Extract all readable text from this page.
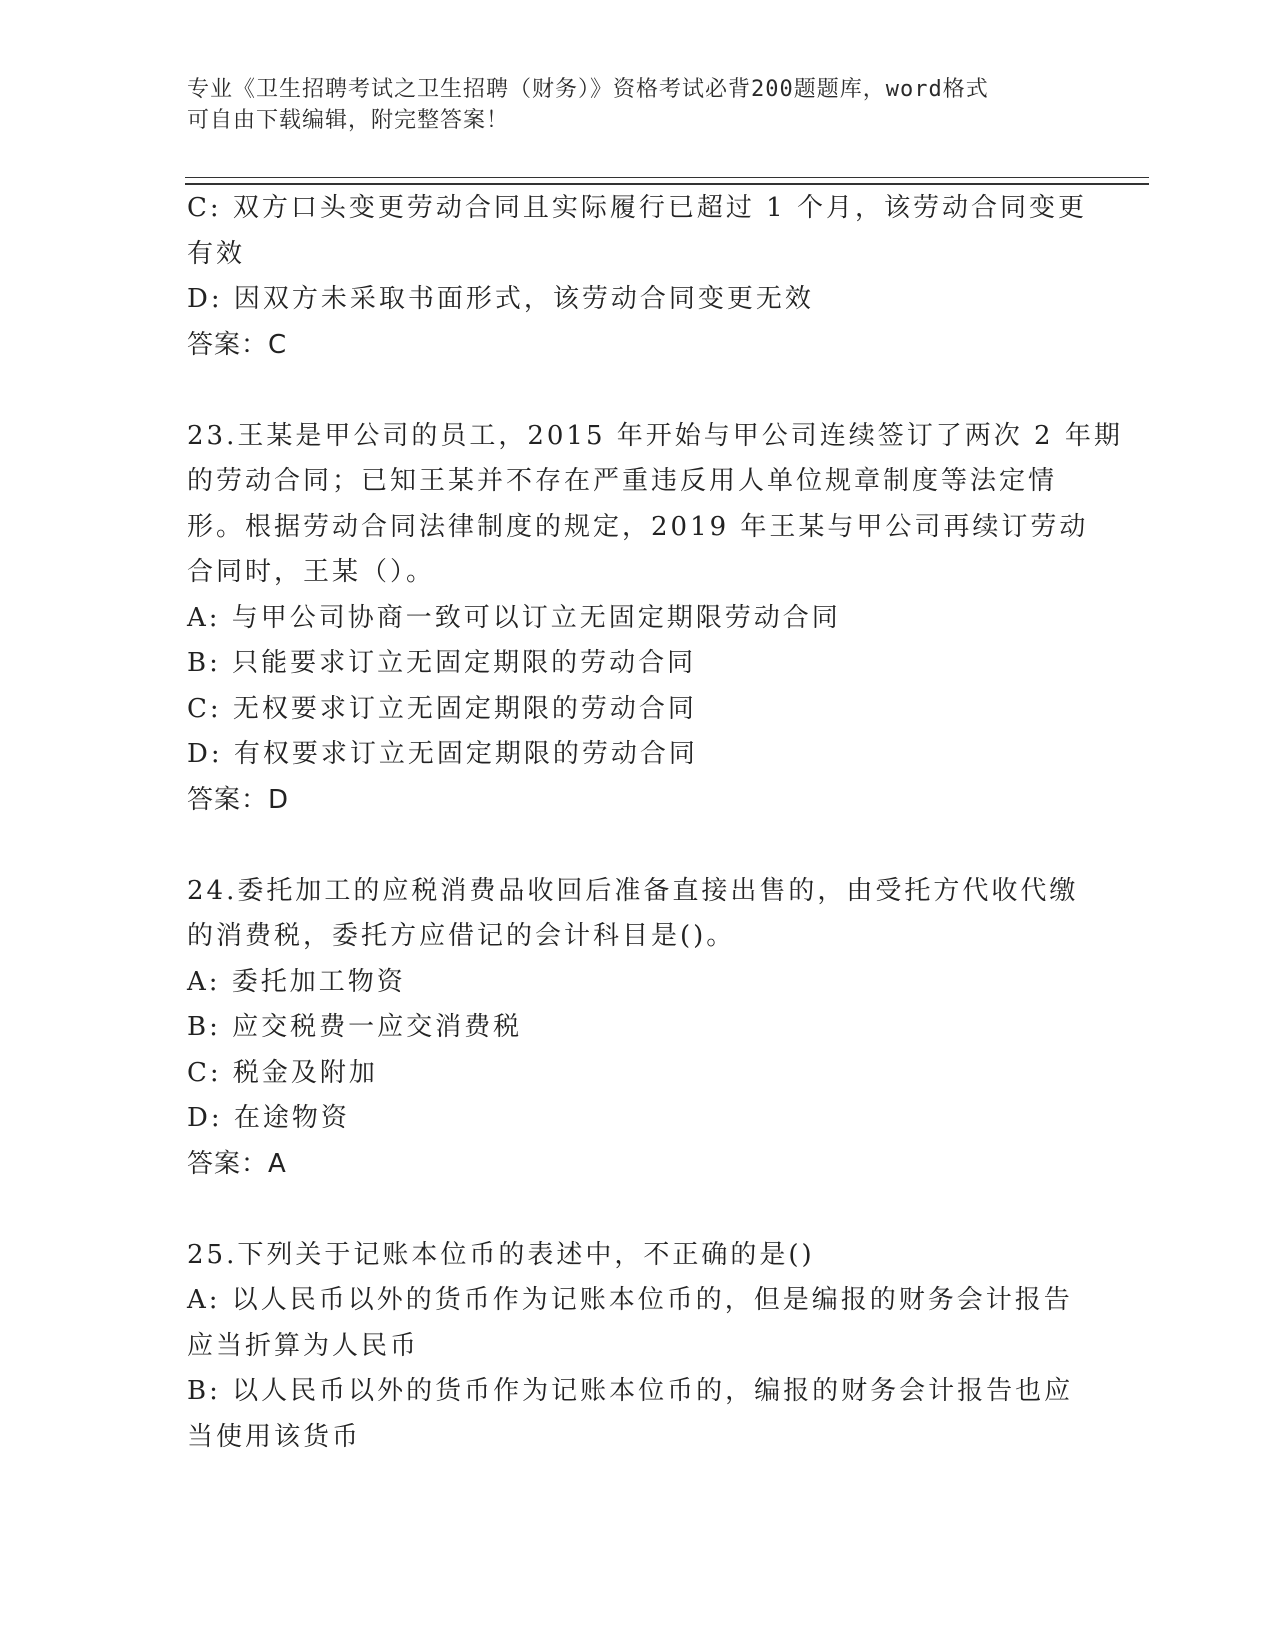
专业《卫生招聘考试之卫生招聘（财务）》资格考试必背200题题库，word格式
可自由下载编辑，附完整答案！
C: 双方口头变更劳动合同且实际履行已超过 1 个月，该劳动合同变更
有效
D: 因双方未采取书面形式，该劳动合同变更无效
答案：C
23.王某是甲公司的员工，2015 年开始与甲公司连续签订了两次 2 年期
的劳动合同；已知王某并不存在严重违反用人单位规章制度等法定情
形。根据劳动合同法律制度的规定，2019 年王某与甲公司再续订劳动
合同时，王某（）。
A: 与甲公司协商一致可以订立无固定期限劳动合同
B: 只能要求订立无固定期限的劳动合同
C: 无权要求订立无固定期限的劳动合同
D: 有权要求订立无固定期限的劳动合同
答案：D
24.委托加工的应税消费品收回后准备直接出售的，由受托方代收代缴
的消费税，委托方应借记的会计科目是()。
A: 委托加工物资
B: 应交税费一应交消费税
C: 税金及附加
D: 在途物资
答案：A
25.下列关于记账本位币的表述中，不正确的是()
A: 以人民币以外的货币作为记账本位币的，但是编报的财务会计报告
应当折算为人民币
B: 以人民币以外的货币作为记账本位币的，编报的财务会计报告也应
当使用该货币
